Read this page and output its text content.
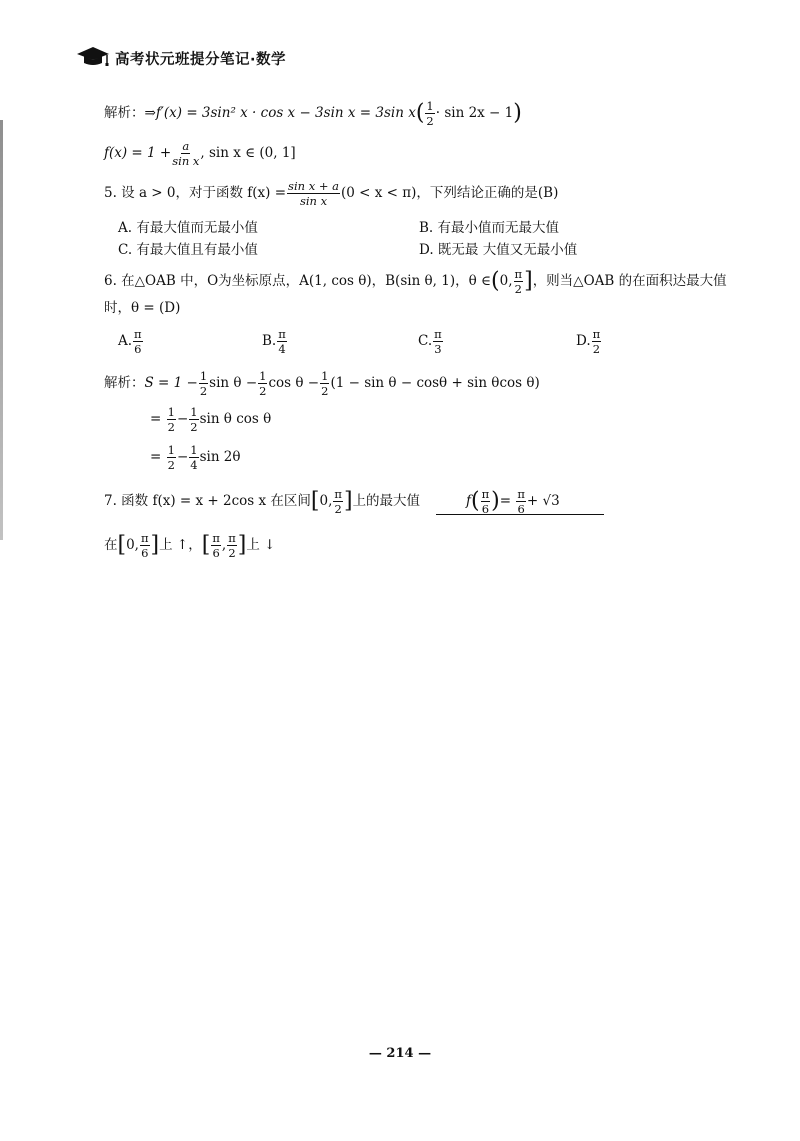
高考状元班提分笔记·数学
解析：⇒f′(x) = 3sin² x · cos x − 3sin x = 3sin $x( \frac{1}{2} \cdot \sin 2x - 1)$
$f(x) = 1 + \frac{a}{\text{sin x}}$ , sin x ∈ (0, 1]
5. 设 a > 0，对于函数 $f(x) = \frac{\text{sin x + a}}{\text{sin x}} (0 < x < \pi)$，下列结论正确的是(B)
A. 有最大值而无最小值	B. 有最小值而无最大值
C. 有最大值且有最小值	D. 既无最 大值又无最小值
6. 在△OAB 中，O为坐标原点，A(1, cos θ)，B(sin θ, 1)，θ ∈(0, $\frac{\pi}{2}$ ]，则当△OAB 的在面积达最大值
时，θ = (D)
A. $\frac{\pi}{6}$	B. $\frac{\pi}{4}$	C. $\frac{\pi}{3}$	D. $\frac{\pi}{2}$
解析：$S = 1 - \frac{1}{2}$ $\sin \theta - \frac{1}{2}$ $\cos \theta - \frac{1}{2} (1 - \sin \theta - \cos\theta + \sin \theta\cos$ θ)
= $\frac{1}{2} - \frac{1}{2}$ sin θ cos θ
= $\frac{1}{2} - \frac{1}{4}$ sin 2θ
7. 函数 f(x) = x + 2cos x 在区间[0, $\frac{\pi}{2}$ ]上的最大值	$f( \frac{\pi}{6}$ )= $\frac{\pi}{6} + √3$
在[0, $\frac{\pi}{6}$ ]上 ↑，[ $\frac{\pi}{6}$ , $\frac{\pi}{2}$ ]上 ↓
— 214 —
